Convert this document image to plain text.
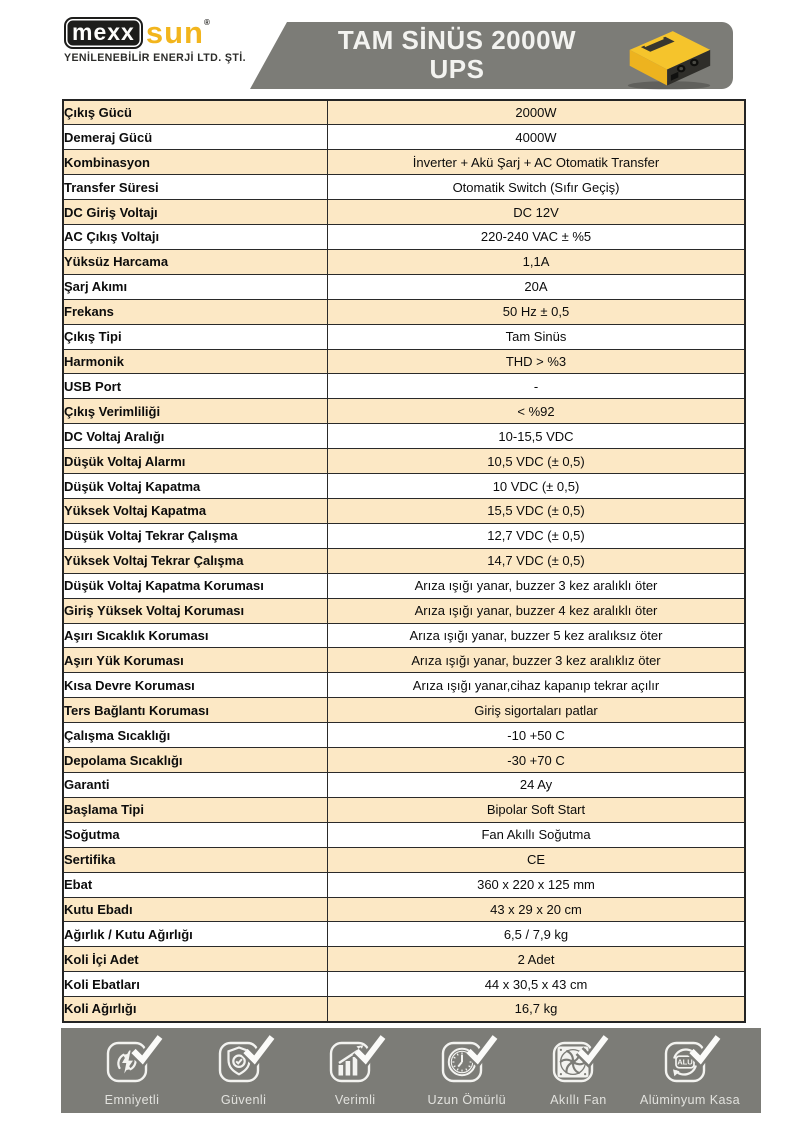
mexx sun®
YENİLENEBİLİR ENERJİ LTD. ŞTİ.
TAM SİNÜS 2000W
UPS
Çıkış Gücü	2000W
Demeraj Gücü	4000W
Kombinasyon	İnverter + Akü Şarj + AC Otomatik Transfer
Transfer Süresi	Otomatik Switch (Sıfır Geçiş)
DC Giriş Voltajı	DC 12V
AC Çıkış Voltajı	220-240 VAC ± %5
Yüksüz Harcama	1,1A
Şarj Akımı	20A
Frekans	50 Hz ± 0,5
Çıkış Tipi	Tam Sinüs
Harmonik	THD > %3
USB Port	-
Çıkış Verimliliği	< %92
DC Voltaj Aralığı	10-15,5 VDC
Düşük Voltaj Alarmı	10,5 VDC (± 0,5)
Düşük Voltaj Kapatma	10 VDC (± 0,5)
Yüksek Voltaj Kapatma	15,5 VDC (± 0,5)
Düşük Voltaj Tekrar Çalışma	12,7 VDC (± 0,5)
Yüksek Voltaj Tekrar Çalışma	14,7 VDC (± 0,5)
Düşük Voltaj Kapatma Koruması	Arıza ışığı yanar, buzzer 3 kez aralıklı öter
Giriş Yüksek Voltaj Koruması	Arıza ışığı yanar, buzzer 4 kez aralıklı öter
Aşırı Sıcaklık Koruması	Arıza ışığı yanar, buzzer 5 kez aralıksız öter
Aşırı Yük Koruması	Arıza ışığı yanar, buzzer 3 kez aralıklız öter
Kısa Devre Koruması	Arıza ışığı yanar,cihaz kapanıp tekrar açılır
Ters Bağlantı Koruması	Giriş sigortaları patlar
Çalışma Sıcaklığı	-10 +50 C
Depolama Sıcaklığı	-30 +70 C
Garanti	24 Ay
Başlama Tipi	Bipolar Soft Start
Soğutma	Fan Akıllı Soğutma
Sertifika	CE
Ebat	360 x 220 x 125 mm
Kutu Ebadı	43 x 29 x 20 cm
Ağırlık / Kutu Ağırlığı	6,5 / 7,9 kg
Koli İçi Adet	2 Adet
Koli Ebatları	44 x 30,5 x 43 cm
Koli Ağırlığı	16,7 kg
Emniyetli	Güvenli	Verimli	Uzun Ömürlü	Akıllı Fan
ALU
Alüminyum Kasa
